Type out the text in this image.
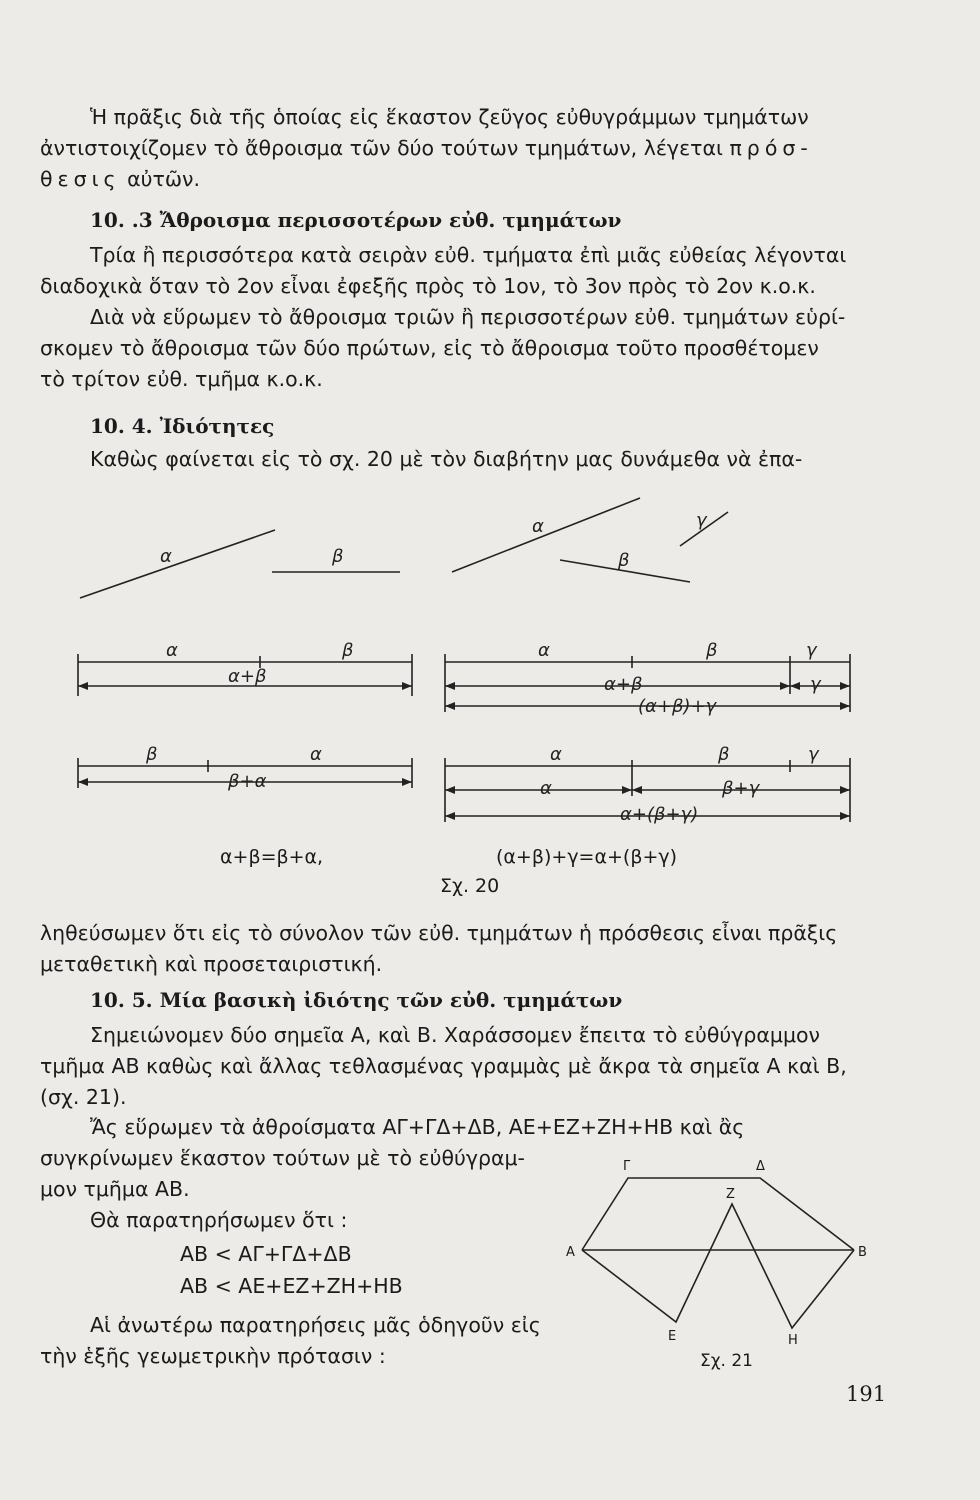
Ἡ πρᾶξις διὰ τῆς ὁποίας εἰς ἕκαστον ζεῦγος εὐθυγράμμων τμημάτων
ἀντιστοιχίζομεν τὸ ἄθροισμα τῶν δύο τούτων τμημάτων, λέγεται πρόσ-
θεσις αὐτῶν.
10. .3 Ἄθροισμα περισσοτέρων εὐθ. τμημάτων
Τρία ἢ περισσότερα κατὰ σειρὰν εὐθ. τμήματα ἐπὶ μιᾶς εὐθείας λέγονται
διαδοχικὰ ὅταν τὸ 2ον εἶναι ἐφεξῆς πρὸς τὸ 1ον, τὸ 3ον πρὸς τὸ 2ον κ.ο.κ.
Διὰ νὰ εὕρωμεν τὸ ἄθροισμα τριῶν ἢ περισσοτέρων εὐθ. τμημάτων εὑρί-
σκομεν τὸ ἄθροισμα τῶν δύο πρώτων, εἰς τὸ ἄθροισμα τοῦτο προσθέτομεν
τὸ τρίτον εὐθ. τμῆμα κ.ο.κ.
10. 4. Ἰδιότητες
Καθὼς φαίνεται εἰς τὸ σχ. 20 μὲ τὸν διαβήτην μας δυνάμεθα νὰ ἐπα-
α	β
α
β
γ
α	β
α+β
β	α
β+α
α	β	γ
α+β	γ
(α+β)+γ
α	β	γ
α	β+γ
α+(β+γ)
α+β=β+α,	(α+β)+γ=α+(β+γ)
Σχ. 20
ληθεύσωμεν ὅτι εἰς τὸ σύνολον τῶν εὐθ. τμημάτων ἡ πρόσθεσις εἶναι πρᾶξις
μεταθετικὴ καὶ προσεταιριστική.
10. 5. Μία βασικὴ ἰδιότης τῶν εὐθ. τμημάτων
Σημειώνομεν δύο σημεῖα Α, καὶ Β. Χαράσσομεν ἔπειτα τὸ εὐθύγραμμον
τμῆμα ΑΒ καθὼς καὶ ἄλλας τεθλασμένας γραμμὰς μὲ ἄκρα τὰ σημεῖα Α καὶ Β,
(σχ. 21).
Ἄς εὕρωμεν τὰ ἀθροίσματα ΑΓ+ΓΔ+ΔΒ, ΑΕ+ΕΖ+ΖΗ+ΗΒ καὶ ἂς
συγκρίνωμεν ἕκαστον τούτων μὲ τὸ εὐθύγραμ-
μον τμῆμα ΑΒ.
Θὰ παρατηρήσωμεν ὅτι :
ΑΒ < ΑΓ+ΓΔ+ΔΒ
ΑΒ < ΑΕ+ΕΖ+ΖΗ+ΗΒ
Αἱ ἀνωτέρω παρατηρήσεις μᾶς ὁδηγοῦν εἰς
τὴν ἑξῆς γεωμετρικὴν πρότασιν :
Α	Β
Γ	Δ
Ζ
Ε	Η
Σχ. 21
191
